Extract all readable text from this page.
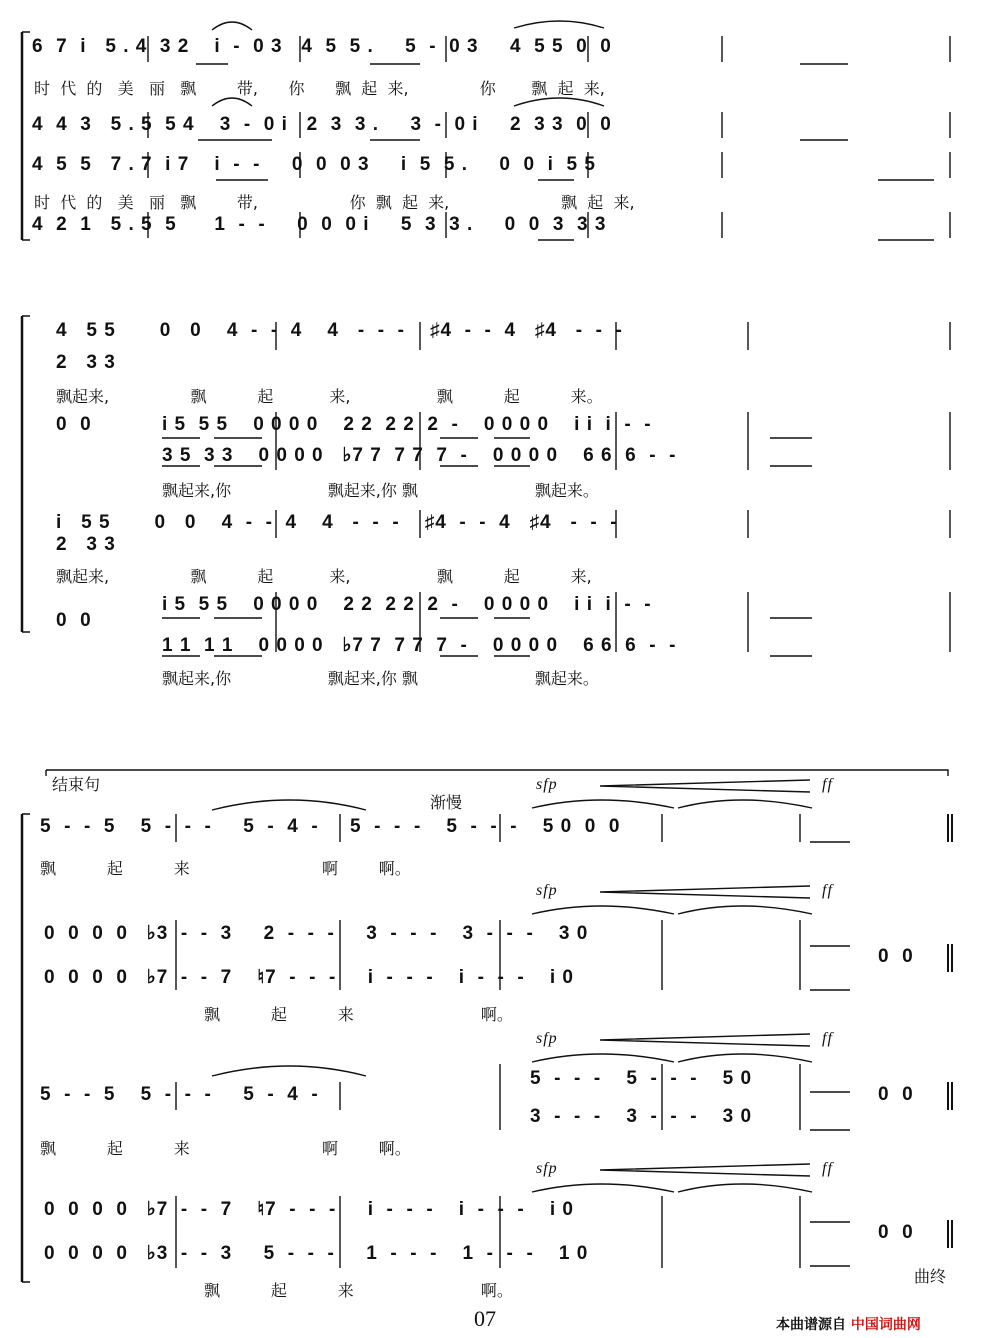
6  7  i   5 . 4  3 2    i  -  0 3   4  5  5 .     5  -  0 3     4  5 5  0  0
4  4  3   5 . 5  5 4    3  -  0 i   2  3  3 .     3  -  0 i     2  3 3  0  0
4  5  5   7 . 7  i 7    i  -  -     0  0  0 3     i  5  5 .     0  0  i  5 5
4  2  1   5 . 5  5      1  -  -     0  0  0 i     5  3  3 .     0  0  3  3 3
时 代 的 美 丽 飘	带, 你 飘 起 来,	你 飘 起 来,
时 代 的 美 丽 飘	带,	你 飘 起 来,	飘 起 来,
4   5 5       0   0    4  -  -  4    4   -  -  -    ♯4  -  -  4   ♯4   -  -  -
2   3 3
飘起来,	飘	起	来,	飘	起	来。
0  0	i 5  5 5    0 0 0 0    2 2  2 2  2  -    0 0 0 0    i i  i  -  -
3 5  3 3    0 0 0 0   ♭7 7  7 7  7  -    0 0 0 0    6 6  6  -  -
飘起来,你	飘起来,你 飘	飘起来。
i   5 5       0   0    4  -  -  4    4   -  -  -    ♯4  -  -  4   ♯4   -  -  -
2   3 3
飘起来,	飘	起	来,	飘	起	来,
0  0
i 5  5 5    0 0 0 0    2 2  2 2  2  -    0 0 0 0    i i  i  -  -
1 1  1 1    0 0 0 0   ♭7 7  7 7  7  -    0 0 0 0    6 6  6  -  -
飘起来,你	飘起来,你 飘	飘起来。
结束句
渐慢
sfp	ff
sfp	ff
sfp	ff
sfp	ff
5  -  -  5    5  -  -  -     5  -  4  -     5  -  -  -    5  -  -  -    5 0  0  0
飘	起	来	啊	啊。
0  0  0  0   ♭3  -  -  3     2  -  -  -     3  -  -  -    3  -  -  -    3 0
0  0  0  0   ♭7  -  -  7    ♮7  -  -  -     i  -  -  -    i  -  -  -    i 0
0  0
飘	起	来	啊。
5  -  -  5    5  -  -  -     5  -  4  -
5  -  -  -    5  -  -  -    5 0
3  -  -  -    3  -  -  -    3 0
0  0
飘	起	来	啊	啊。
0  0  0  0   ♭7  -  -  7    ♮7  -  -  -     i  -  -  -    i  -  -  -    i 0
0  0  0  0   ♭3  -  -  3     5  -  -  -     1  -  -  -    1  -  -  -    1 0
0  0
飘	起	来	啊。
曲终
07	本曲谱源自 中国词曲网
